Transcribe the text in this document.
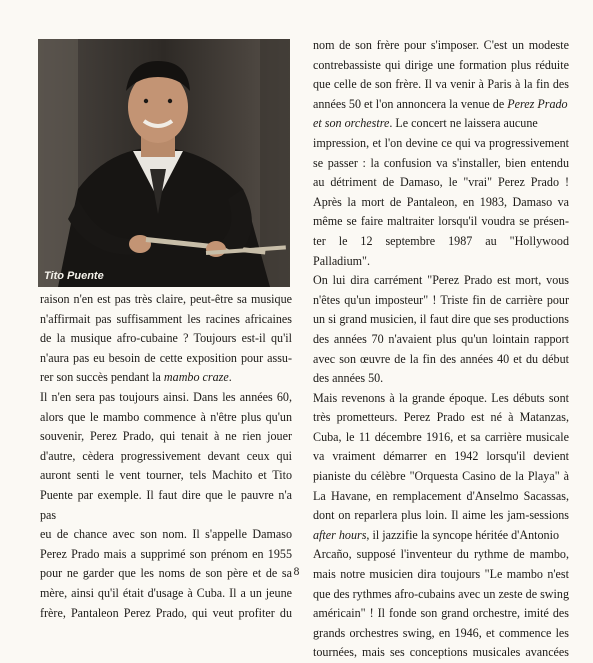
Tito Puente
raison n'en est pas très claire, peut-être sa musique
n'affirmait pas suffisamment les racines africaines
de la musique afro-cubaine ? Toujours est-il qu'il
n'aura pas eu besoin de cette exposition pour assu-
rer son succès pendant la mambo craze.
Il n'en sera pas toujours ainsi. Dans les années 60,
alors que le mambo commence à n'être plus qu'un
souvenir, Perez Prado, qui tenait à ne rien jouer
d'autre, cèdera progressivement devant ceux qui
auront senti le vent tourner, tels Machito et Tito
Puente par exemple. Il faut dire que le pauvre n'a pas
eu de chance avec son nom. Il s'appelle Damaso
Perez Prado mais a supprimé son prénom en 1955
pour ne garder que les noms de son père et de sa
mère, ainsi qu'il était d'usage à Cuba. Il a un jeune
frère, Pantaleon Perez Prado, qui veut profiter du
nom de son frère pour s'imposer. C'est un modeste
contrebassiste qui dirige une formation plus réduite
que celle de son frère. Il va venir à Paris à la fin des
années 50 et l'on annoncera la venue de Perez Prado
et son orchestre. Le concert ne laissera aucune
impression, et l'on devine ce qui va progressivement
se passer : la confusion va s'installer, bien entendu
au détriment de Damaso, le "vrai" Perez Prado !
Après la mort de Pantaleon, en 1983, Damaso va
même se faire maltraiter lorsqu'il voudra se présen-
ter le 12 septembre 1987 au "Hollywood Palladium".
On lui dira carrément "Perez Prado est mort, vous
n'êtes qu'un imposteur" ! Triste fin de carrière pour
un si grand musicien, il faut dire que ses productions
des années 70 n'avaient plus qu'un lointain rapport
avec son œuvre de la fin des années 40 et du début
des années 50.
Mais revenons à la grande époque. Les débuts sont
très prometteurs. Perez Prado est né à Matanzas,
Cuba, le 11 décembre 1916, et sa carrière musicale
va vraiment démarrer en 1942 lorsqu'il devient
pianiste du célèbre "Orquesta Casino de la Playa" à
La Havane, en remplacement d'Anselmo Sacassas,
dont on reparlera plus loin. Il aime les jam-sessions
after hours, il jazzifie la syncope héritée d'Antonio
Arcaño, supposé l'inventeur du rythme de mambo,
mais notre musicien dira toujours "Le mambo n'est
que des rythmes afro-cubains avec un zeste de swing
américain" ! Il fonde son grand orchestre, imité des
grands orchestres swing, en 1946, et commence les
tournées, mais ses conceptions musicales avancées
8
